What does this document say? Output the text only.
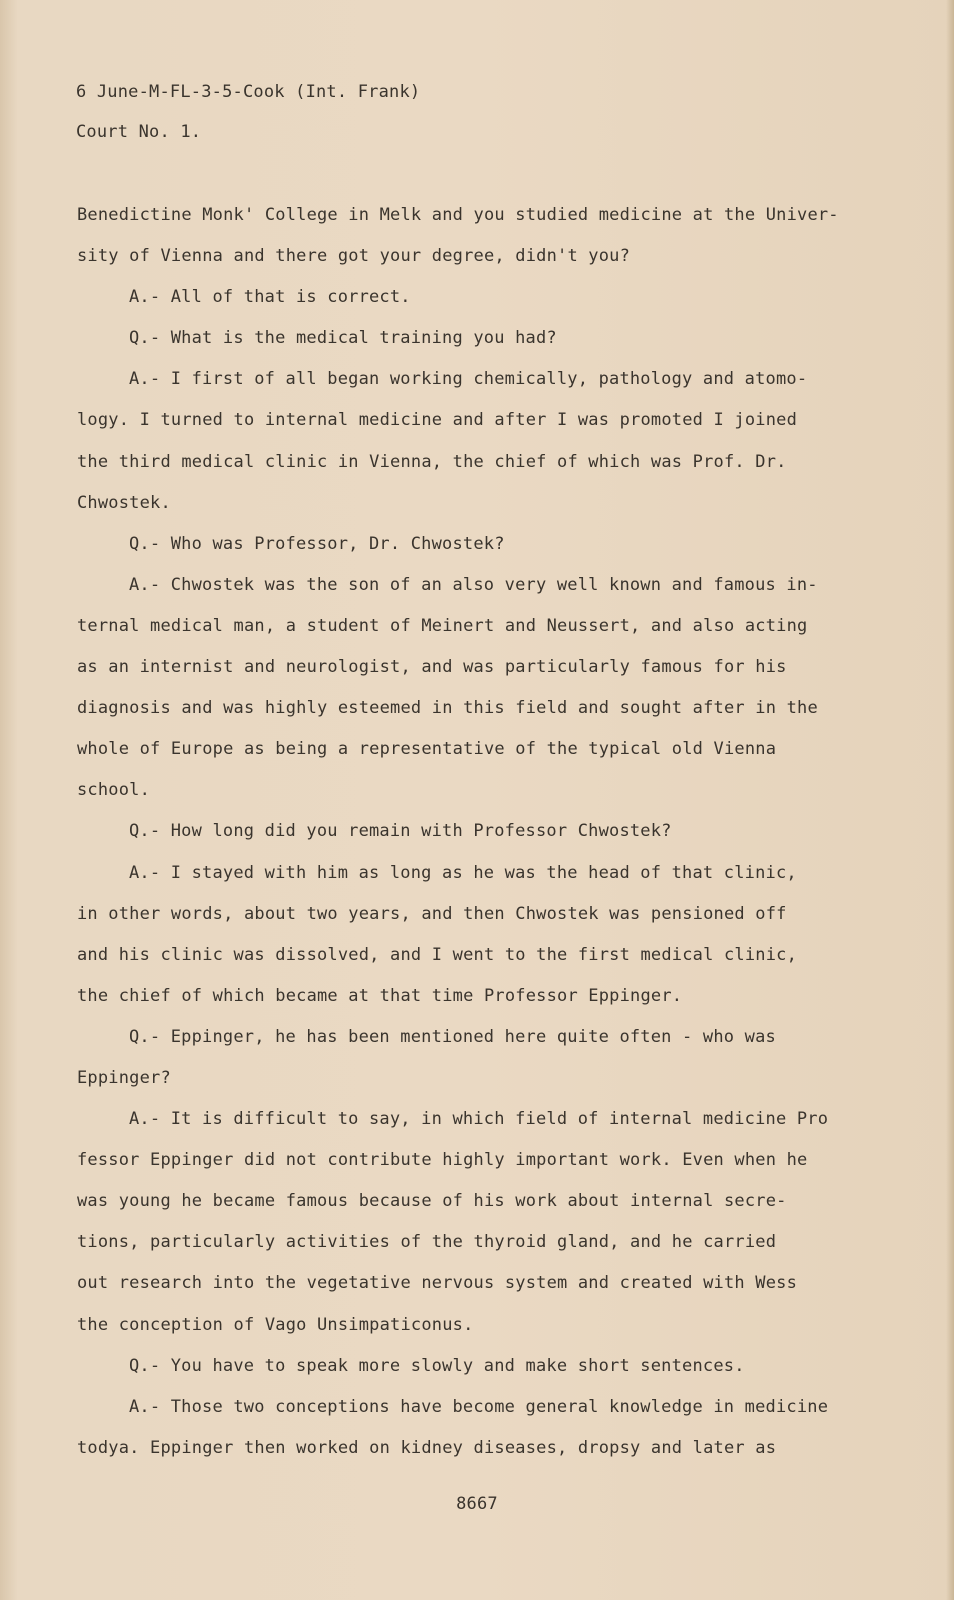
6 June-M-FL-3-5-Cook (Int. Frank)
Court No. 1.
Benedictine Monk' College in Melk and you studied medicine at the Univer-
sity of Vienna and there got your degree, didn't you?
A.- All of that is correct.
Q.- What is the medical training you had?
A.- I first of all began working chemically, pathology and atomo-
logy. I turned to internal medicine and after I was promoted I joined
the third medical clinic in Vienna, the chief of which was Prof. Dr.
Chwostek.
Q.- Who was Professor, Dr. Chwostek?
A.- Chwostek was the son of an also very well known and famous in-
ternal medical man, a student of Meinert and Neussert, and also acting
as an internist and neurologist, and was particularly famous for his
diagnosis and was highly esteemed in this field and sought after in the
whole of Europe as being a representative of the typical old Vienna
school.
Q.- How long did you remain with Professor Chwostek?
A.- I stayed with him as long as he was the head of that clinic,
in other words, about two years, and then Chwostek was pensioned off
and his clinic was dissolved, and I went to the first medical clinic,
the chief of which became at that time Professor Eppinger.
Q.- Eppinger, he has been mentioned here quite often - who was
Eppinger?
A.- It is difficult to say, in which field of internal medicine Pro
fessor Eppinger did not contribute highly important work. Even when he
was young he became famous because of his work about internal secre-
tions, particularly activities of the thyroid gland, and he carried
out research into the vegetative nervous system and created with Wess
the conception of Vago Unsimpaticonus.
Q.- You have to speak more slowly and make short sentences.
A.- Those two conceptions have become general knowledge in medicine
todya. Eppinger then worked on kidney diseases, dropsy and later as
8667
